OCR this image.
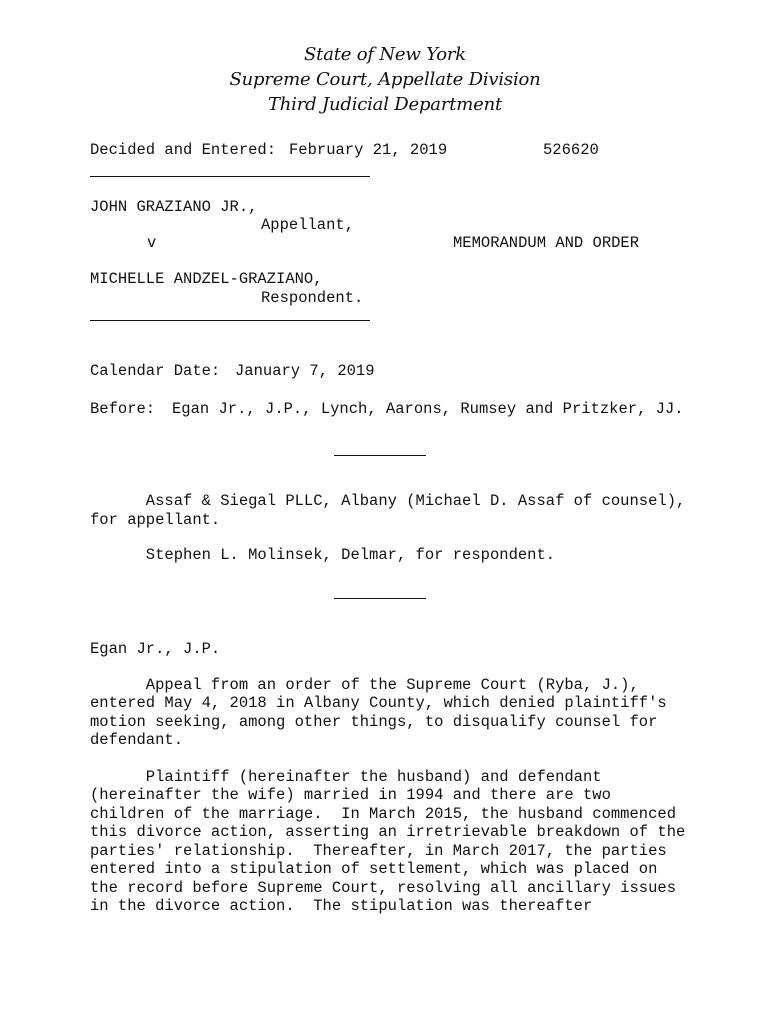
State of New York
Supreme Court, Appellate Division
Third Judicial Department
Decided and Entered: February 21, 2019	526620
JOHN GRAZIANO JR.,
Appellant,
v	MEMORANDUM AND ORDER
MICHELLE ANDZEL-GRAZIANO,
Respondent.
Calendar Date: January 7, 2019
Before: Egan Jr., J.P., Lynch, Aarons, Rumsey and Pritzker, JJ.
Assaf & Siegal PLLC, Albany (Michael D. Assaf of counsel),
for appellant.
Stephen L. Molinsek, Delmar, for respondent.
Egan Jr., J.P.
Appeal from an order of the Supreme Court (Ryba, J.),
entered May 4, 2018 in Albany County, which denied plaintiff's
motion seeking, among other things, to disqualify counsel for
defendant.
Plaintiff (hereinafter the husband) and defendant
(hereinafter the wife) married in 1994 and there are two
children of the marriage.  In March 2015, the husband commenced
this divorce action, asserting an irretrievable breakdown of the
parties' relationship.  Thereafter, in March 2017, the parties
entered into a stipulation of settlement, which was placed on
the record before Supreme Court, resolving all ancillary issues
in the divorce action.  The stipulation was thereafter
